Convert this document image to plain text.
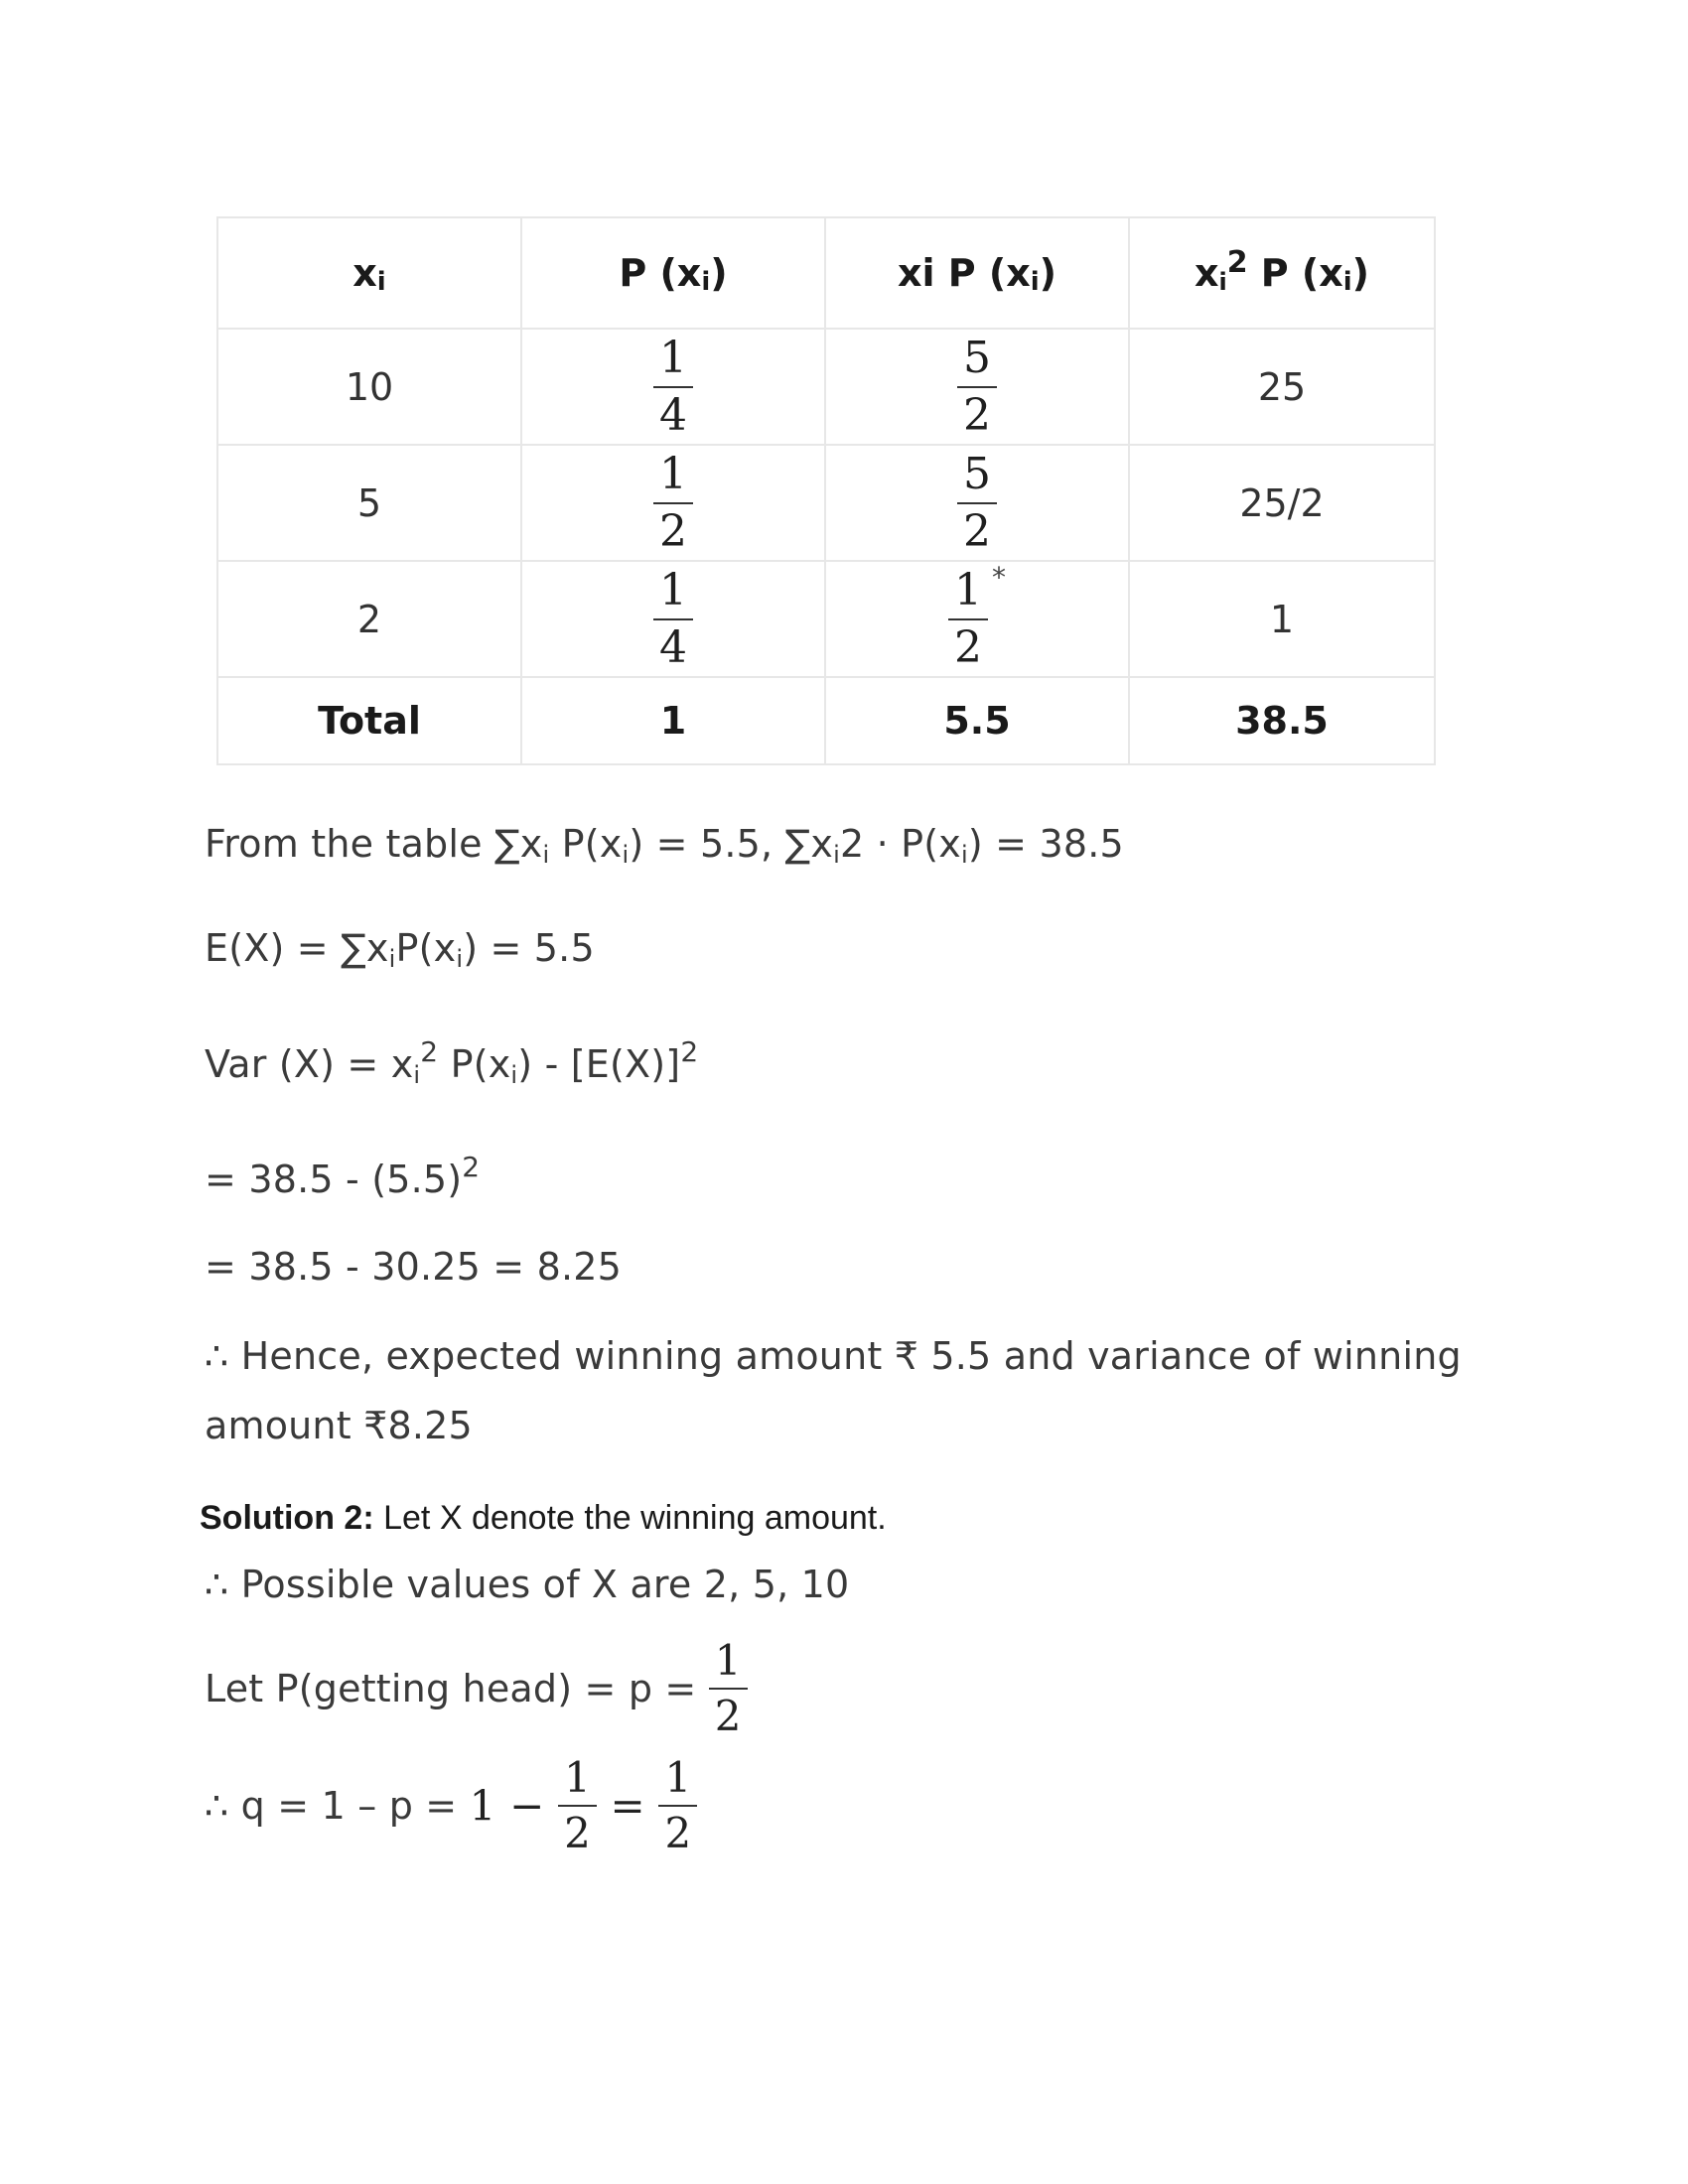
$x_i$	P $(x_i)$	xi P $(x_i)$	$x_i^2$ P $(x_i)$
10	$\frac{1}{4}$	$\frac{5}{2}$	25
5	$\frac{1}{2}$	$\frac{5}{2}$	25/2
2	$\frac{1}{4}$	$\frac{1}{2} ^*$	1
Total	1	5.5	38.5
From the table $\sum x_i$ $P(x_i) = 5.5$, $\sum x_i2 \cdot P(x_i) = 38.5$
$E(X) = \sum x_iP(x_i) = 5.5$
Var $(X) = x_i^2$ $P(x_i) - [E(X)]^2$
= $38.5 - (5.5)^2$
= 38.5 - 30.25 = 8.25
∴ Hence, expected winning amount ₹ 5.5 and variance of winning
amount ₹8.25
Solution 2: Let X denote the winning amount.
∴ Possible values of X are 2, 5, 10
Let P(getting head) = $p = \frac{1}{2}$
∴ $q = 1 - p = 1 - \frac{1}{2} = \frac{1}{2}$
